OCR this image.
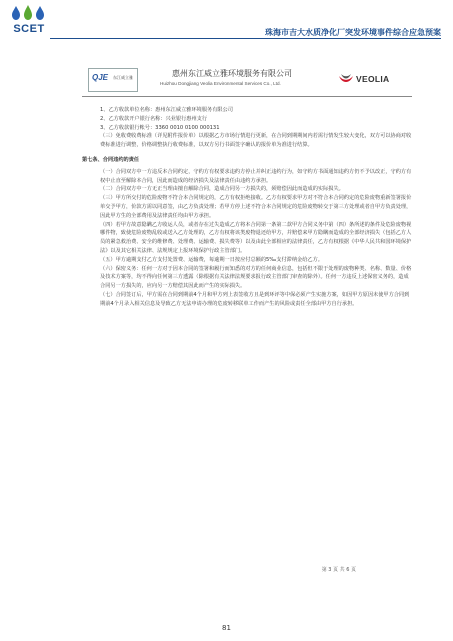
SCET	珠海市吉大水质净化厂突发环境事件综合应急预案
QJE 东江威立雅	惠州东江威立雅环境服务有限公司
Huizhou Dongjiang Veolia Environmental Services Co., Ltd.	VEOLIA

1、乙方收款单位名称：惠州东江威立雅环境服务有限公司

2、乙方收款开户银行名称：兴业银行惠州支行

3、乙方收款银行帐号：3360 0010 0100 000131

（三）免收费收费标准（详见附件报价单）以根据乙方市场行情进行更新，在合同到期期间内若需行情发生较大变化，双方可以协商对收费标准进行调整，价格调整执行收费标准，以双方另行书面签字确认的报价单为准进行结算。

第七条、合同违约的责任

（一）合同双方中一方违反本合同约定，守约方有权要求违约方停止并纠正违约行为，如守约方书面通知违约方仍不予以改正，守约方有权中止直至解除本合同，因此而造成的经济损失及法律责任由违约方承担。

（二）合同双方中一方无正当理由擅自解除合同，造成合同另一方损失的，须赔偿因此而造成的实际损失。

（三）甲方所交付的危险废物不符合本合同规定的，乙方有权拒绝接收。乙方有权要求甲方对不符合本合同约定的危险废物重新签署报价单交予甲方，价款方需以同意签，由乙方负责处理；若甲方停上述不符合本合同规定的危险废物转交于第三方处理或者自甲方负责处理，因此甲方生的全部费用及法律责任均由甲方承担。

（四）若甲方故意隐瞒乙方收运人员，或者存在过失造成乙方将本合同第一条第二款甲方合同义务中第（四）条所述的条件及危险废物视哪件物，致使危险废物乱收或送入乙方处理的，乙方有权将该类废物退还给甲方，并赔偿来甲方隐瞒而造成的全部经济损失（包括乙方人员的紧急救治费、安全的维修费、处理费、运输费、损失费等）以及由此全部相应的法律责任，乙方有权根据《中华人民共和国环境保护法》以及其它相关法律、法规规定上报环境保护行政主管部门。

（五）甲方逾期支付乙方支付处置费、运输费，每逾期一日按应付总额的5‰支付滞纳金给乙方。

（六）保密义务：任何一方对于因本合同的签署和履行而知悉的对方的任何商业信息，包括但不限于处理的废物种类、名称、数量、价格及技术方案等，均不得向任何第三方透露（除根据有关法律法规要求报行政主管部门审查的除外）。任何一方违反上述保密义务的，造成合同另一方损失的，应向另一方赔偿其因此而产生的实际损失。

（七）合同签订后，甲方需在合同到期前4个月和甲方列上表签收方且是到环评等中保必须产生实施方案，如因甲方原因未使甲方合同到期前4个月录入相关信息及导致乙方无法申请办理的危废转移联单工作而产生的风险或责任全部由甲方自行承担。

第 3 页 共 6 页
81
